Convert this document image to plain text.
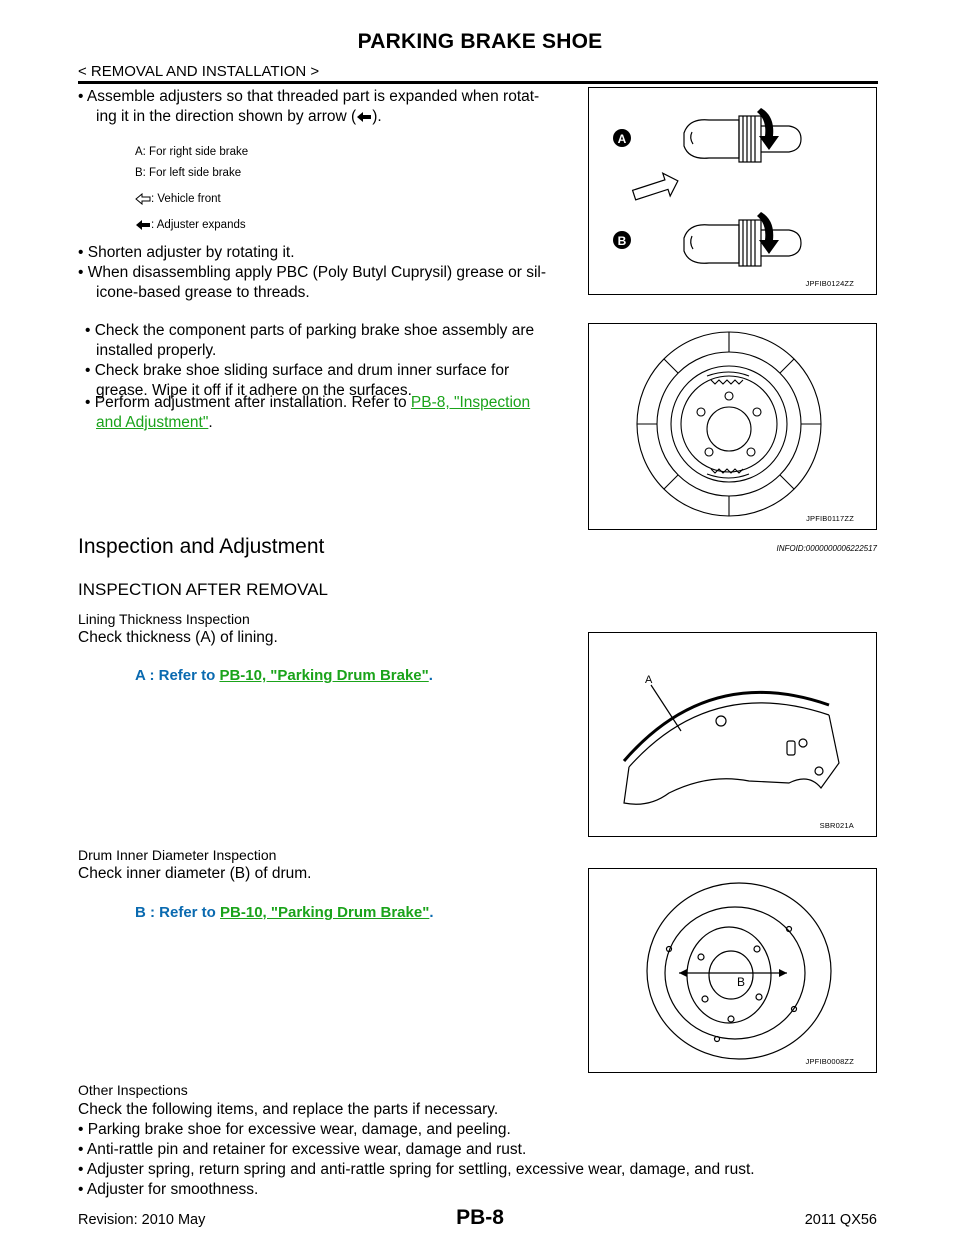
PARKING BRAKE SHOE
< REMOVAL AND INSTALLATION >
• Assemble adjusters so that threaded part is expanded when rotat-
ing it in the direction shown by arrow ( ).
A: For right side brake
B: For left side brake
: Vehicle front
: Adjuster expands
• Shorten adjuster by rotating it.
• When disassembling apply PBC (Poly Butyl Cuprysil) grease or sil-
icone-based grease to threads.
A
B
JPFIB0124ZZ
• Check the component parts of parking brake shoe assembly are
installed properly.
• Check brake shoe sliding surface and drum inner surface for
grease. Wipe it off if it adhere on the surfaces.
• Perform adjustment after installation. Refer to PB-8, "Inspection
and Adjustment".
JPFIB0117ZZ
Inspection and Adjustment	INFOID:0000000006222517
INSPECTION AFTER REMOVAL
Lining Thickness Inspection
Check thickness (A) of lining.
A : Refer to PB-10, "Parking Drum Brake".	A
SBR021A
Drum Inner Diameter Inspection
Check inner diameter (B) of drum.
B : Refer to PB-10, "Parking Drum Brake".
B
JPFIB0008ZZ
Other Inspections
Check the following items, and replace the parts if necessary.
• Parking brake shoe for excessive wear, damage, and peeling.
• Anti-rattle pin and retainer for excessive wear, damage and rust.
• Adjuster spring, return spring and anti-rattle spring for settling, excessive wear, damage, and rust.
• Adjuster for smoothness.
Revision: 2010 May	PB-8	2011 QX56
